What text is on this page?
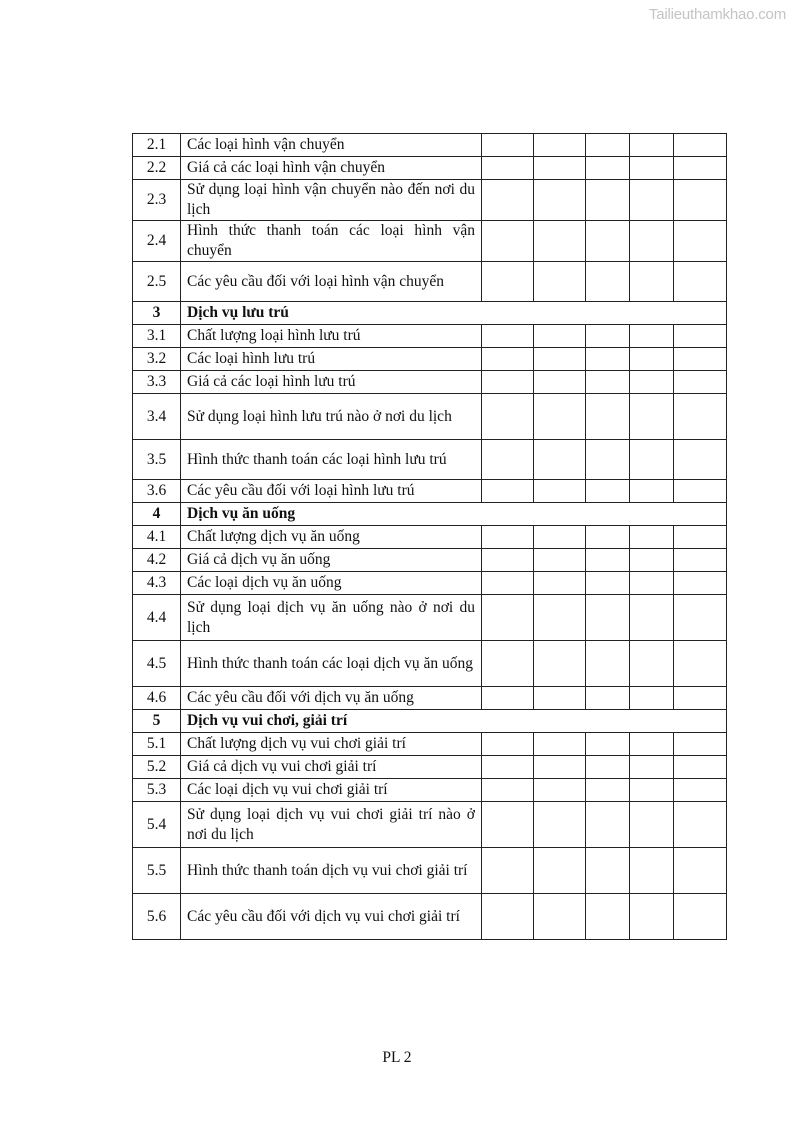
Tailieuthamkhao.com
2.1	Các loại hình vận chuyển					
2.2	Giá cả các loại hình vận chuyển					
2.3	Sử dụng loại hình vận chuyển nào đến nơi du lịch					
2.4	Hình thức thanh toán các loại hình vận chuyển					
2.5	Các yêu cầu đối với loại hình vận chuyển					
3	Dịch vụ lưu trú					
3.1	Chất lượng loại hình lưu trú					
3.2	Các loại hình lưu trú					
3.3	Giá cả các loại hình lưu trú					
3.4	Sử dụng loại hình lưu trú nào ở nơi du lịch					
3.5	Hình thức thanh toán các loại hình lưu trú					
3.6	Các yêu cầu đối với loại hình lưu trú					
4	Dịch vụ ăn uống					
4.1	Chất lượng dịch vụ ăn uống					
4.2	Giá cả dịch vụ ăn uống					
4.3	Các loại dịch vụ ăn uống					
4.4	Sử dụng loại dịch vụ ăn uống nào ở nơi du lịch					
4.5	Hình thức thanh toán các loại dịch vụ ăn uống					
4.6	Các yêu cầu đối với dịch vụ ăn uống					
5	Dịch vụ vui chơi, giải trí					
5.1	Chất lượng dịch vụ vui chơi giải trí					
5.2	Giá cả dịch vụ vui chơi giải trí					
5.3	Các loại dịch vụ vui chơi giải trí					
5.4	Sử dụng loại dịch vụ vui chơi giải trí nào ở nơi du lịch					
5.5	Hình thức thanh toán dịch vụ vui chơi giải trí					
5.6	Các yêu cầu đối với dịch vụ vui chơi giải trí					
PL 2
